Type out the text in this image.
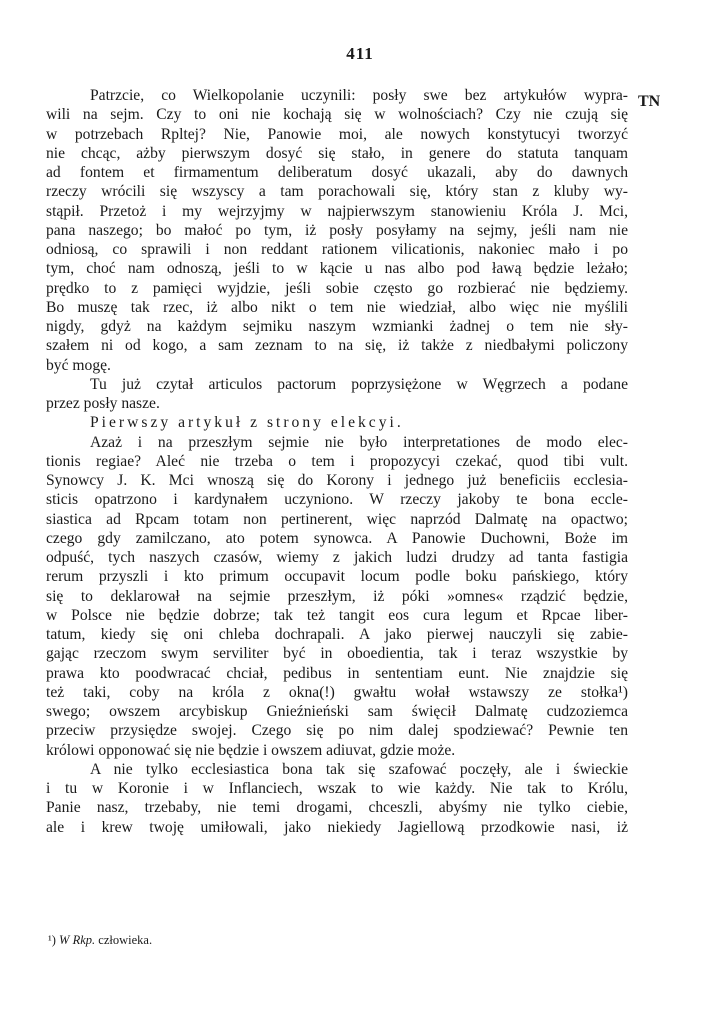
411
TN
Patrzcie, co Wielkopolanie uczynili: posły swe bez artykułów wypra-
wili na sejm. Czy to oni nie kochają się w wolnościach? Czy nie czują się
w potrzebach Rpltej? Nie, Panowie moi, ale nowych konstytucyi tworzyć
nie chcąc, ażby pierwszym dosyć się stało, in genere do statuta tanquam
ad fontem et firmamentum deliberatum dosyć ukazali, aby do dawnych
rzeczy wrócili się wszyscy a tam porachowali się, który stan z kluby wy-
stąpił. Przetoż i my wejrzyjmy w najpierwszym stanowieniu Króla J. Mci,
pana naszego; bo małoć po tym, iż posły posyłamy na sejmy, jeśli nam nie
odniosą, co sprawili i non reddant rationem vilicationis, nakoniec mało i po
tym, choć nam odnoszą, jeśli to w kącie u nas albo pod ławą będzie leżało;
prędko to z pamięci wyjdzie, jeśli sobie często go rozbierać nie będziemy.
Bo muszę tak rzec, iż albo nikt o tem nie wiedział, albo więc nie myślili
nigdy, gdyż na każdym sejmiku naszym wzmianki żadnej o tem nie sły-
szałem ni od kogo, a sam zeznam to na się, iż także z niedbałymi policzony
być mogę.
Tu już czytał articulos pactorum poprzysiężone w Węgrzech a podane
przez posły nasze.
Pierwszy artykuł z strony elekcyi.
Azaż i na przeszłym sejmie nie było interpretationes de modo elec-
tionis regiae? Aleć nie trzeba o tem i propozycyi czekać, quod tibi vult.
Synowcy J. K. Mci wnoszą się do Korony i jednego już beneficiis ecclesia-
sticis opatrzono i kardynałem uczyniono. W rzeczy jakoby te bona eccle-
siastica ad Rpcam totam non pertinerent, więc naprzód Dalmatę na opactwo;
czego gdy zamilczano, ato potem synowca. A Panowie Duchowni, Boże im
odpuść, tych naszych czasów, wiemy z jakich ludzi drudzy ad tanta fastigia
rerum przyszli i kto primum occupavit locum podle boku pańskiego, który
się to deklarował na sejmie przeszłym, iż póki »omnes« rządzić będzie,
w Polsce nie będzie dobrze; tak też tangit eos cura legum et Rpcae liber-
tatum, kiedy się oni chleba dochrapali. A jako pierwej nauczyli się zabie-
gając rzeczom swym serviliter być in oboedientia, tak i teraz wszystkie by
prawa kto poodwracać chciał, pedibus in sententiam eunt. Nie znajdzie się
też taki, coby na króla z okna(!) gwałtu wołał wstawszy ze stołka¹)
swego; owszem arcybiskup Gnieźnieński sam święcił Dalmatę cudzoziemca
przeciw przysiędze swojej. Czego się po nim dalej spodziewać? Pewnie ten
królowi opponować się nie będzie i owszem adiuvat, gdzie może.
A nie tylko ecclesiastica bona tak się szafować poczęły, ale i świeckie
i tu w Koronie i w Inflanciech, wszak to wie każdy. Nie tak to Królu,
Panie nasz, trzebaby, nie temi drogami, chceszli, abyśmy nie tylko ciebie,
ale i krew twoję umiłowali, jako niekiedy Jagiellową przodkowie nasi, iż
¹) W Rkp. człowieka.
